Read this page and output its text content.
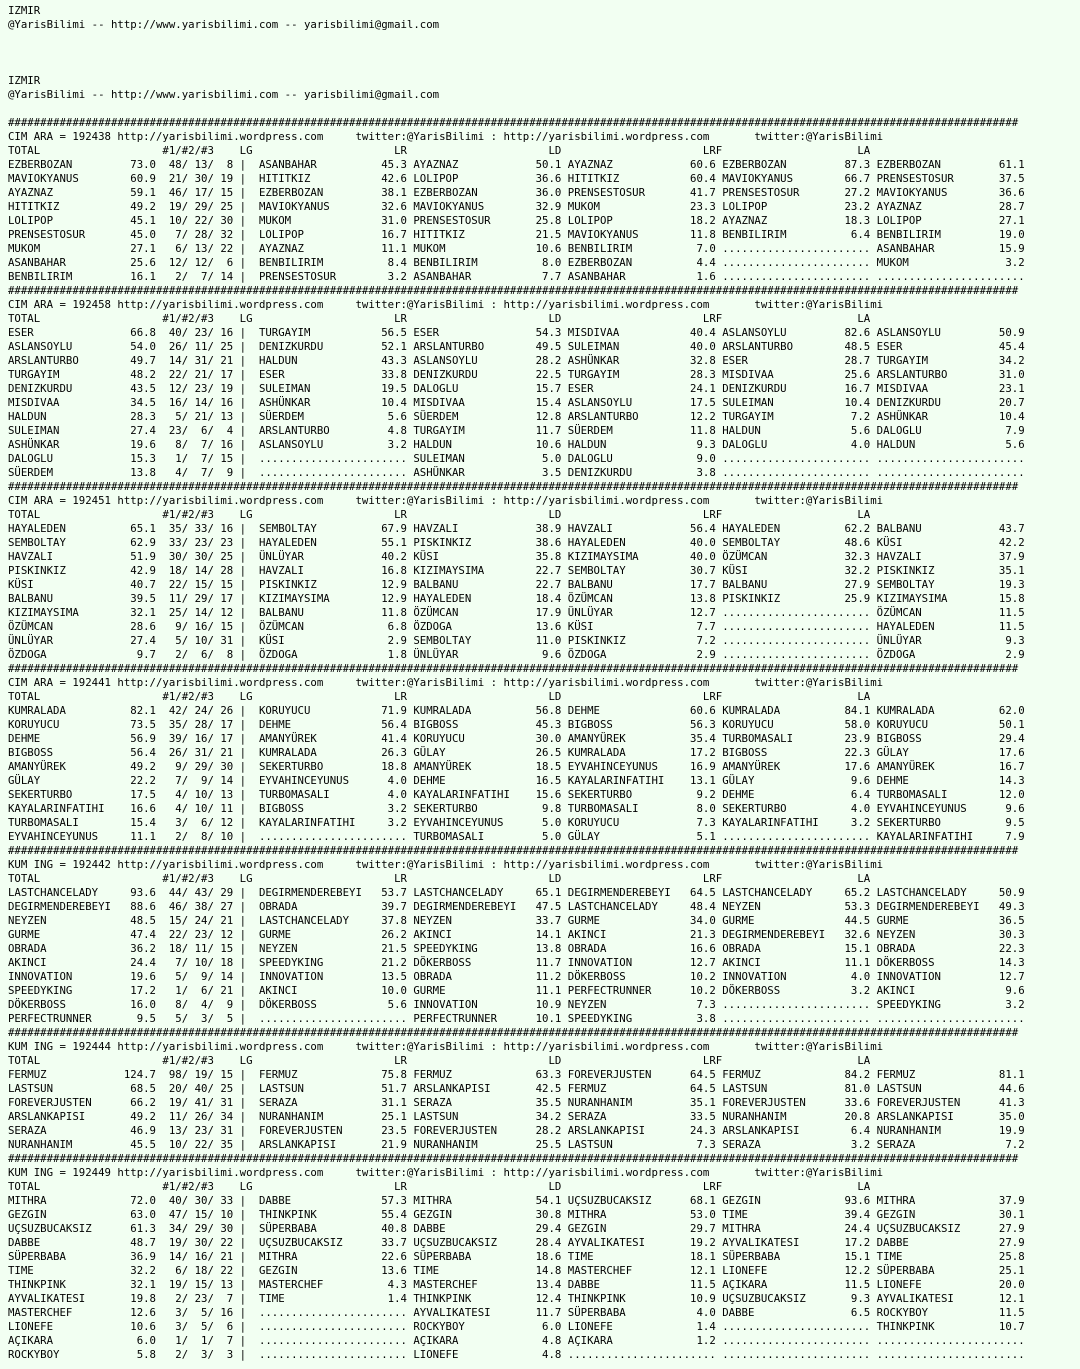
IZMIR
@YarisBilimi -- http://www.yarisbilimi.com -- yarisbilimi@gmail.com
IZMIR
@YarisBilimi -- http://www.yarisbilimi.com -- yarisbilimi@gmail.com
#############################################################################################################################################################
CIM ARA = 192438 http://yarisbilimi.wordpress.com     twitter:@YarisBilimi : http://yarisbilimi.wordpress.com       twitter:@YarisBilimi
TOTAL                   #1/#2/#3    LG                      LR                      LD                      LRF                     LA
EZBERBOZAN         73.0  48/ 13/  8 |  ASANBAHAR          45.3 AYAZNAZ            50.1 AYAZNAZ            60.6 EZBERBOZAN         87.3 EZBERBOZAN         61.1
MAVIOKYANUS        60.9  21/ 30/ 19 |  HITITKIZ           42.6 LOLIPOP            36.6 HITITKIZ           60.4 MAVIOKYANUS        66.7 PRENSESTOSUR       37.5
AYAZNAZ            59.1  46/ 17/ 15 |  EZBERBOZAN         38.1 EZBERBOZAN         36.0 PRENSESTOSUR       41.7 PRENSESTOSUR       27.2 MAVIOKYANUS        36.6
HITITKIZ           49.2  19/ 29/ 25 |  MAVIOKYANUS        32.6 MAVIOKYANUS        32.9 MUKOM              23.3 LOLIPOP            23.2 AYAZNAZ            28.7
LOLIPOP            45.1  10/ 22/ 30 |  MUKOM              31.0 PRENSESTOSUR       25.8 LOLIPOP            18.2 AYAZNAZ            18.3 LOLIPOP            27.1
PRENSESTOSUR       45.0   7/ 28/ 32 |  LOLIPOP            16.7 HITITKIZ           21.5 MAVIOKYANUS        11.8 BENBILIRIM          6.4 BENBILIRIM         19.0
MUKOM              27.1   6/ 13/ 22 |  AYAZNAZ            11.1 MUKOM              10.6 BENBILIRIM          7.0 ....................... ASANBAHAR          15.9
ASANBAHAR          25.6  12/ 12/  6 |  BENBILIRIM          8.4 BENBILIRIM          8.0 EZBERBOZAN          4.4 ....................... MUKOM               3.2
BENBILIRIM         16.1   2/  7/ 14 |  PRENSESTOSUR        3.2 ASANBAHAR           7.7 ASANBAHAR           1.6 ....................... .......................
#############################################################################################################################################################
CIM ARA = 192458 http://yarisbilimi.wordpress.com     twitter:@YarisBilimi : http://yarisbilimi.wordpress.com       twitter:@YarisBilimi
TOTAL                   #1/#2/#3    LG                      LR                      LD                      LRF                     LA
ESER               66.8  40/ 23/ 16 |  TURGAYIM           56.5 ESER               54.3 MISDIVAA           40.4 ASLANSOYLU         82.6 ASLANSOYLU         50.9
ASLANSOYLU         54.0  26/ 11/ 25 |  DENIZKURDU         52.1 ARSLANTURBO        49.5 SULEIMAN           40.0 ARSLANTURBO        48.5 ESER               45.4
ARSLANTURBO        49.7  14/ 31/ 21 |  HALDUN             43.3 ASLANSOYLU         28.2 ASHÜNKAR           32.8 ESER               28.7 TURGAYIM           34.2
TURGAYIM           48.2  22/ 21/ 17 |  ESER               33.8 DENIZKURDU         22.5 TURGAYIM           28.3 MISDIVAA           25.6 ARSLANTURBO        31.0
DENIZKURDU         43.5  12/ 23/ 19 |  SULEIMAN           19.5 DALOGLU            15.7 ESER               24.1 DENIZKURDU         16.7 MISDIVAA           23.1
MISDIVAA           34.5  16/ 14/ 16 |  ASHÜNKAR           10.4 MISDIVAA           15.4 ASLANSOYLU         17.5 SULEIMAN           10.4 DENIZKURDU         20.7
HALDUN             28.3   5/ 21/ 13 |  SÜERDEM             5.6 SÜERDEM            12.8 ARSLANTURBO        12.2 TURGAYIM            7.2 ASHÜNKAR           10.4
SULEIMAN           27.4  23/  6/  4 |  ARSLANTURBO         4.8 TURGAYIM           11.7 SÜERDEM            11.8 HALDUN              5.6 DALOGLU             7.9
ASHÜNKAR           19.6   8/  7/ 16 |  ASLANSOYLU          3.2 HALDUN             10.6 HALDUN              9.3 DALOGLU             4.0 HALDUN              5.6
DALOGLU            15.3   1/  7/ 15 |  ....................... SULEIMAN            5.0 DALOGLU             9.0 ....................... .......................
SÜERDEM            13.8   4/  7/  9 |  ....................... ASHÜNKAR            3.5 DENIZKURDU          3.8 ....................... .......................
#############################################################################################################################################################
CIM ARA = 192451 http://yarisbilimi.wordpress.com     twitter:@YarisBilimi : http://yarisbilimi.wordpress.com       twitter:@YarisBilimi
TOTAL                   #1/#2/#3    LG                      LR                      LD                      LRF                     LA
HAYALEDEN          65.1  35/ 33/ 16 |  SEMBOLTAY          67.9 HAVZALI            38.9 HAVZALI            56.4 HAYALEDEN          62.2 BALBANU            43.7
SEMBOLTAY          62.9  33/ 23/ 23 |  HAYALEDEN          55.1 PISKINKIZ          38.6 HAYALEDEN          40.0 SEMBOLTAY          48.6 KÜSI               42.2
HAVZALI            51.9  30/ 30/ 25 |  ÜNLÜYAR            40.2 KÜSI               35.8 KIZIMAYSIMA        40.0 ÖZÜMCAN            32.3 HAVZALI            37.9
PISKINKIZ          42.9  18/ 14/ 28 |  HAVZALI            16.8 KIZIMAYSIMA        22.7 SEMBOLTAY          30.7 KÜSI               32.2 PISKINKIZ          35.1
KÜSI               40.7  22/ 15/ 15 |  PISKINKIZ          12.9 BALBANU            22.7 BALBANU            17.7 BALBANU            27.9 SEMBOLTAY          19.3
BALBANU            39.5  11/ 29/ 17 |  KIZIMAYSIMA        12.9 HAYALEDEN          18.4 ÖZÜMCAN            13.8 PISKINKIZ          25.9 KIZIMAYSIMA        15.8
KIZIMAYSIMA        32.1  25/ 14/ 12 |  BALBANU            11.8 ÖZÜMCAN            17.9 ÜNLÜYAR            12.7 ....................... ÖZÜMCAN            11.5
ÖZÜMCAN            28.6   9/ 16/ 15 |  ÖZÜMCAN             6.8 ÖZDOGA             13.6 KÜSI                7.7 ....................... HAYALEDEN          11.5
ÜNLÜYAR            27.4   5/ 10/ 31 |  KÜSI                2.9 SEMBOLTAY          11.0 PISKINKIZ           7.2 ....................... ÜNLÜYAR             9.3
ÖZDOGA              9.7   2/  6/  8 |  ÖZDOGA              1.8 ÜNLÜYAR             9.6 ÖZDOGA              2.9 ....................... ÖZDOGA              2.9
#############################################################################################################################################################
CIM ARA = 192441 http://yarisbilimi.wordpress.com     twitter:@YarisBilimi : http://yarisbilimi.wordpress.com       twitter:@YarisBilimi
TOTAL                   #1/#2/#3    LG                      LR                      LD                      LRF                     LA
KUMRALADA          82.1  42/ 24/ 26 |  KORUYUCU           71.9 KUMRALADA          56.8 DEHME              60.6 KUMRALADA          84.1 KUMRALADA          62.0
KORUYUCU           73.5  35/ 28/ 17 |  DEHME              56.4 BIGBOSS            45.3 BIGBOSS            56.3 KORUYUCU           58.0 KORUYUCU           50.1
DEHME              56.9  39/ 16/ 17 |  AMANYÜREK          41.4 KORUYUCU           30.0 AMANYÜREK          35.4 TURBOMASALI        23.9 BIGBOSS            29.4
BIGBOSS            56.4  26/ 31/ 21 |  KUMRALADA          26.3 GÜLAY              26.5 KUMRALADA          17.2 BIGBOSS            22.3 GÜLAY              17.6
AMANYÜREK          49.2   9/ 29/ 30 |  SEKERTURBO         18.8 AMANYÜREK          18.5 EYVAHINCEYUNUS     16.9 AMANYÜREK          17.6 AMANYÜREK          16.7
GÜLAY              22.2   7/  9/ 14 |  EYVAHINCEYUNUS      4.0 DEHME              16.5 KAYALARINFATIHI    13.1 GÜLAY               9.6 DEHME              14.3
SEKERTURBO         17.5   4/ 10/ 13 |  TURBOMASALI         4.0 KAYALARINFATIHI    15.6 SEKERTURBO          9.2 DEHME               6.4 TURBOMASALI        12.0
KAYALARINFATIHI    16.6   4/ 10/ 11 |  BIGBOSS             3.2 SEKERTURBO          9.8 TURBOMASALI         8.0 SEKERTURBO          4.0 EYVAHINCEYUNUS      9.6
TURBOMASALI        15.4   3/  6/ 12 |  KAYALARINFATIHI     3.2 EYVAHINCEYUNUS      5.0 KORUYUCU            7.3 KAYALARINFATIHI     3.2 SEKERTURBO          9.5
EYVAHINCEYUNUS     11.1   2/  8/ 10 |  ....................... TURBOMASALI         5.0 GÜLAY               5.1 ....................... KAYALARINFATIHI     7.9
#############################################################################################################################################################
KUM ING = 192442 http://yarisbilimi.wordpress.com     twitter:@YarisBilimi : http://yarisbilimi.wordpress.com       twitter:@YarisBilimi
TOTAL                   #1/#2/#3    LG                      LR                      LD                      LRF                     LA
LASTCHANCELADY     93.6  44/ 43/ 29 |  DEGIRMENDEREBEYI   53.7 LASTCHANCELADY     65.1 DEGIRMENDEREBEYI   64.5 LASTCHANCELADY     65.2 LASTCHANCELADY     50.9
DEGIRMENDEREBEYI   88.6  46/ 38/ 27 |  OBRADA             39.7 DEGIRMENDEREBEYI   47.5 LASTCHANCELADY     48.4 NEYZEN             53.3 DEGIRMENDEREBEYI   49.3
NEYZEN             48.5  15/ 24/ 21 |  LASTCHANCELADY     37.8 NEYZEN             33.7 GURME              34.0 GURME              44.5 GURME              36.5
GURME              47.4  22/ 23/ 12 |  GURME              26.2 AKINCI             14.1 AKINCI             21.3 DEGIRMENDEREBEYI   32.6 NEYZEN             30.3
OBRADA             36.2  18/ 11/ 15 |  NEYZEN             21.5 SPEEDYKING         13.8 OBRADA             16.6 OBRADA             15.1 OBRADA             22.3
AKINCI             24.4   7/ 10/ 18 |  SPEEDYKING         21.2 DÖKERBOSS          11.7 INNOVATION         12.7 AKINCI             11.1 DÖKERBOSS          14.3
INNOVATION         19.6   5/  9/ 14 |  INNOVATION         13.5 OBRADA             11.2 DÖKERBOSS          10.2 INNOVATION          4.0 INNOVATION         12.7
SPEEDYKING         17.2   1/  6/ 21 |  AKINCI             10.0 GURME              11.1 PERFECTRUNNER      10.2 DÖKERBOSS           3.2 AKINCI              9.6
DÖKERBOSS          16.0   8/  4/  9 |  DÖKERBOSS           5.6 INNOVATION         10.9 NEYZEN              7.3 ....................... SPEEDYKING          3.2
PERFECTRUNNER       9.5   5/  3/  5 |  ....................... PERFECTRUNNER      10.1 SPEEDYKING          3.8 ....................... .......................
#############################################################################################################################################################
KUM ING = 192444 http://yarisbilimi.wordpress.com     twitter:@YarisBilimi : http://yarisbilimi.wordpress.com       twitter:@YarisBilimi
TOTAL                   #1/#2/#3    LG                      LR                      LD                      LRF                     LA
FERMUZ            124.7  98/ 19/ 15 |  FERMUZ             75.8 FERMUZ             63.3 FOREVERJUSTEN      64.5 FERMUZ             84.2 FERMUZ             81.1
LASTSUN            68.5  20/ 40/ 25 |  LASTSUN            51.7 ARSLANKAPISI       42.5 FERMUZ             64.5 LASTSUN            81.0 LASTSUN            44.6
FOREVERJUSTEN      66.2  19/ 41/ 31 |  SERAZA             31.1 SERAZA             35.5 NURANHANIM         35.1 FOREVERJUSTEN      33.6 FOREVERJUSTEN      41.3
ARSLANKAPISI       49.2  11/ 26/ 34 |  NURANHANIM         25.1 LASTSUN            34.2 SERAZA             33.5 NURANHANIM         20.8 ARSLANKAPISI       35.0
SERAZA             46.9  13/ 23/ 31 |  FOREVERJUSTEN      23.5 FOREVERJUSTEN      28.2 ARSLANKAPISI       24.3 ARSLANKAPISI        6.4 NURANHANIM         19.9
NURANHANIM         45.5  10/ 22/ 35 |  ARSLANKAPISI       21.9 NURANHANIM         25.5 LASTSUN             7.3 SERAZA              3.2 SERAZA              7.2
#############################################################################################################################################################
KUM ING = 192449 http://yarisbilimi.wordpress.com     twitter:@YarisBilimi : http://yarisbilimi.wordpress.com       twitter:@YarisBilimi
TOTAL                   #1/#2/#3    LG                      LR                      LD                      LRF                     LA
MITHRA             72.0  40/ 30/ 33 |  DABBE              57.3 MITHRA             54.1 UÇSUZBUCAKSIZ      68.1 GEZGIN             93.6 MITHRA             37.9
GEZGIN             63.0  47/ 15/ 10 |  THINKPINK          55.4 GEZGIN             30.8 MITHRA             53.0 TIME               39.4 GEZGIN             30.1
UÇSUZBUCAKSIZ      61.3  34/ 29/ 30 |  SÜPERBABA          40.8 DABBE              29.4 GEZGIN             29.7 MITHRA             24.4 UÇSUZBUCAKSIZ      27.9
DABBE              48.7  19/ 30/ 22 |  UÇSUZBUCAKSIZ      33.7 UÇSUZBUCAKSIZ      28.4 AYVALIKATESI       19.2 AYVALIKATESI       17.2 DABBE              27.9
SÜPERBABA          36.9  14/ 16/ 21 |  MITHRA             22.6 SÜPERBABA          18.6 TIME               18.1 SÜPERBABA          15.1 TIME               25.8
TIME               32.2   6/ 18/ 22 |  GEZGIN             13.6 TIME               14.8 MASTERCHEF         12.1 LIONEFE            12.2 SÜPERBABA          25.1
THINKPINK          32.1  19/ 15/ 13 |  MASTERCHEF          4.3 MASTERCHEF         13.4 DABBE              11.5 AÇIKARA            11.5 LIONEFE            20.0
AYVALIKATESI       19.8   2/ 23/  7 |  TIME                1.4 THINKPINK          12.4 THINKPINK          10.9 UÇSUZBUCAKSIZ       9.3 AYVALIKATESI       12.1
MASTERCHEF         12.6   3/  5/ 16 |  ....................... AYVALIKATESI       11.7 SÜPERBABA           4.0 DABBE               6.5 ROCKYBOY           11.5
LIONEFE            10.6   3/  5/  6 |  ....................... ROCKYBOY            6.0 LIONEFE             1.4 ....................... THINKPINK          10.7
AÇIKARA             6.0   1/  1/  7 |  ....................... AÇIKARA             4.8 AÇIKARA             1.2 ....................... .......................
ROCKYBOY            5.8   2/  3/  3 |  ....................... LIONEFE             4.8 ....................... ....................... .......................
